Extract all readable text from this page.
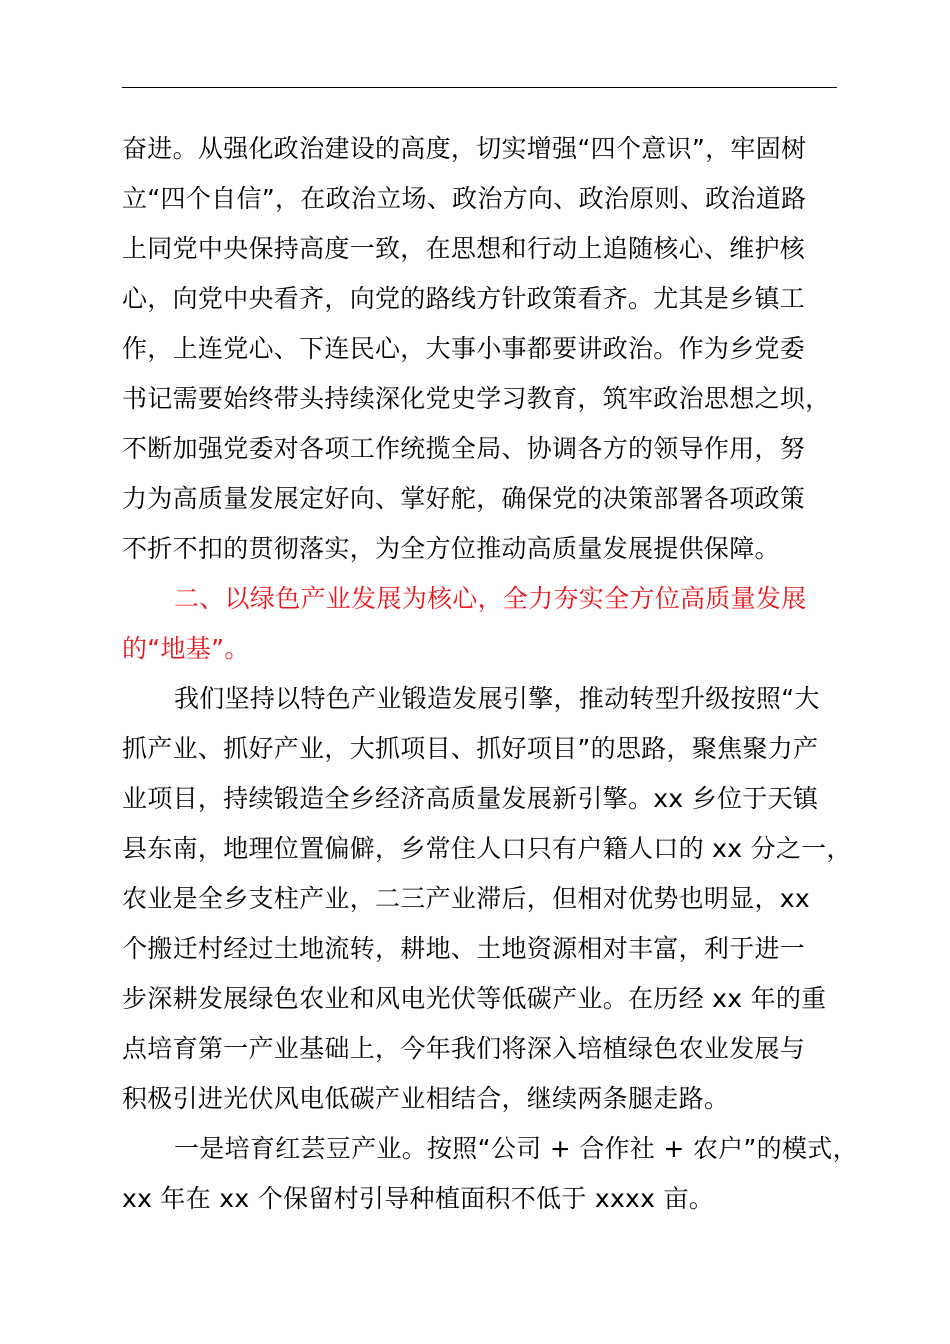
奋进。从强化政治建设的高度，切实增强“四个意识”，牢固树
立“四个自信”，在政治立场、政治方向、政治原则、政治道路
上同党中央保持高度一致，在思想和行动上追随核心、维护核
心，向党中央看齐，向党的路线方针政策看齐。尤其是乡镇工
作，上连党心、下连民心，大事小事都要讲政治。作为乡党委
书记需要始终带头持续深化党史学习教育，筑牢政治思想之坝，
不断加强党委对各项工作统揽全局、协调各方的领导作用，努
力为高质量发展定好向、掌好舵，确保党的决策部署各项政策
不折不扣的贯彻落实，为全方位推动高质量发展提供保障。
二、以绿色产业发展为核心，全力夯实全方位高质量发展
的“地基”。
我们坚持以特色产业锻造发展引擎，推动转型升级按照“大
抓产业、抓好产业，大抓项目、抓好项目”的思路，聚焦聚力产
业项目，持续锻造全乡经济高质量发展新引擎。xx 乡位于天镇
县东南，地理位置偏僻，乡常住人口只有户籍人口的 xx 分之一，
农业是全乡支柱产业，二三产业滞后，但相对优势也明显，xx
个搬迁村经过土地流转，耕地、土地资源相对丰富，利于进一
步深耕发展绿色农业和风电光伏等低碳产业。在历经 xx 年的重
点培育第一产业基础上，今年我们将深入培植绿色农业发展与
积极引进光伏风电低碳产业相结合，继续两条腿走路。
一是培育红芸豆产业。按照“公司 + 合作社 + 农户”的模式，
xx 年在 xx 个保留村引导种植面积不低于 xxxx 亩。
